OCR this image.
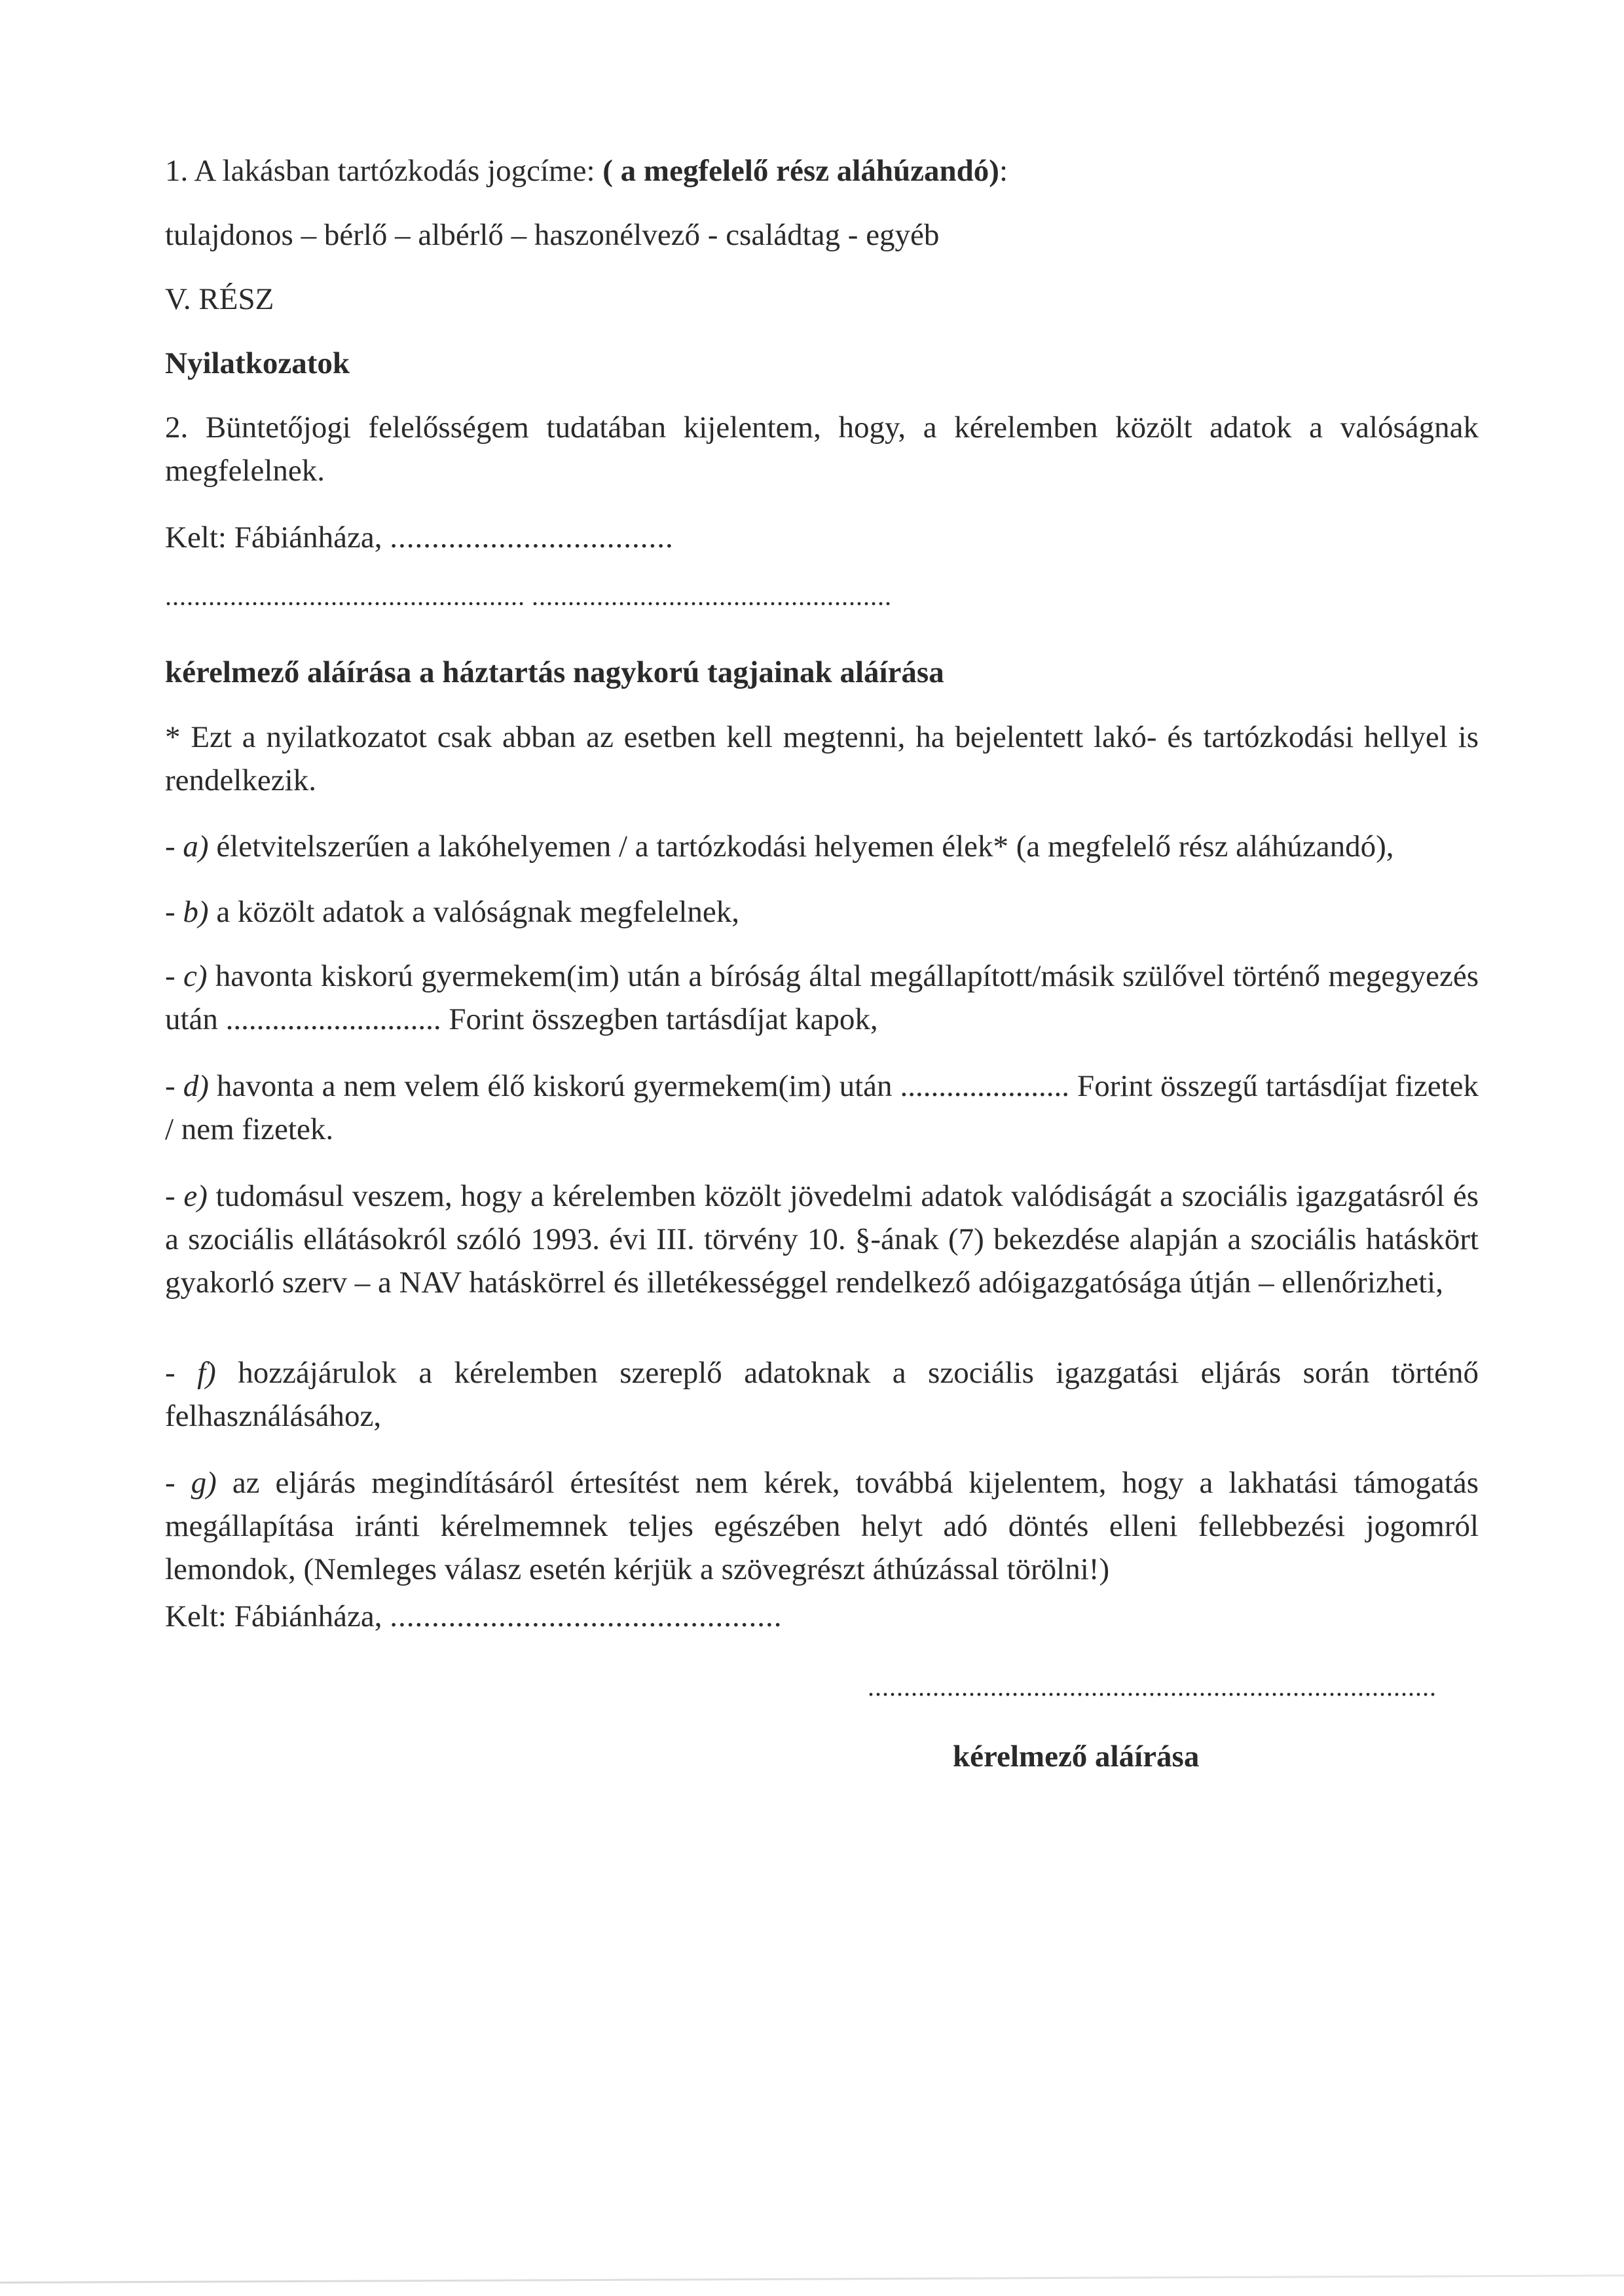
1. A lakásban tartózkodás jogcíme: ( a megfelelő rész aláhúzandó):
tulajdonos – bérlő – albérlő – haszonélvező - családtag - egyéb
V. RÉSZ
Nyilatkozatok
2. Büntetőjogi felelősségem tudatában kijelentem, hogy, a kérelemben közölt adatok a valóságnak megfelelnek.
Kelt: Fábiánháza, ..................................
.................................................. ..................................................
kérelmező aláírása a háztartás nagykorú tagjainak aláírása
* Ezt a nyilatkozatot csak abban az esetben kell megtenni, ha bejelentett lakó- és tartózkodási hellyel is rendelkezik.
- a) életvitelszerűen a lakóhelyemen / a tartózkodási helyemen élek* (a megfelelő rész aláhúzandó),
- b) a közölt adatok a valóságnak megfelelnek,
- c) havonta kiskorú gyermekem(im) után a bíróság által megállapított/másik szülővel történő megegyezés után ............................ Forint összegben tartásdíjat kapok,
- d) havonta a nem velem élő kiskorú gyermekem(im) után ...................... Forint összegű tartásdíjat fizetek / nem fizetek.
- e) tudomásul veszem, hogy a kérelemben közölt jövedelmi adatok valódiságát a szociális igazgatásról és a szociális ellátásokról szóló 1993. évi III. törvény 10. §-ának (7) bekezdése alapján a szociális hatáskört gyakorló szerv – a NAV hatáskörrel és illetékességgel rendelkező adóigazgatósága útján – ellenőrizheti,
- f) hozzájárulok a kérelemben szereplő adatoknak a szociális igazgatási eljárás során történő felhasználásához,
- g) az eljárás megindításáról értesítést nem kérek, továbbá kijelentem, hogy a lakhatási támogatás megállapítása iránti kérelmemnek teljes egészében helyt adó döntés elleni fellebbezési jogomról lemondok, (Nemleges válasz esetén kérjük a szövegrészt áthúzással törölni!)
Kelt: Fábiánháza, ...............................................
...............................................................................
kérelmező aláírása
